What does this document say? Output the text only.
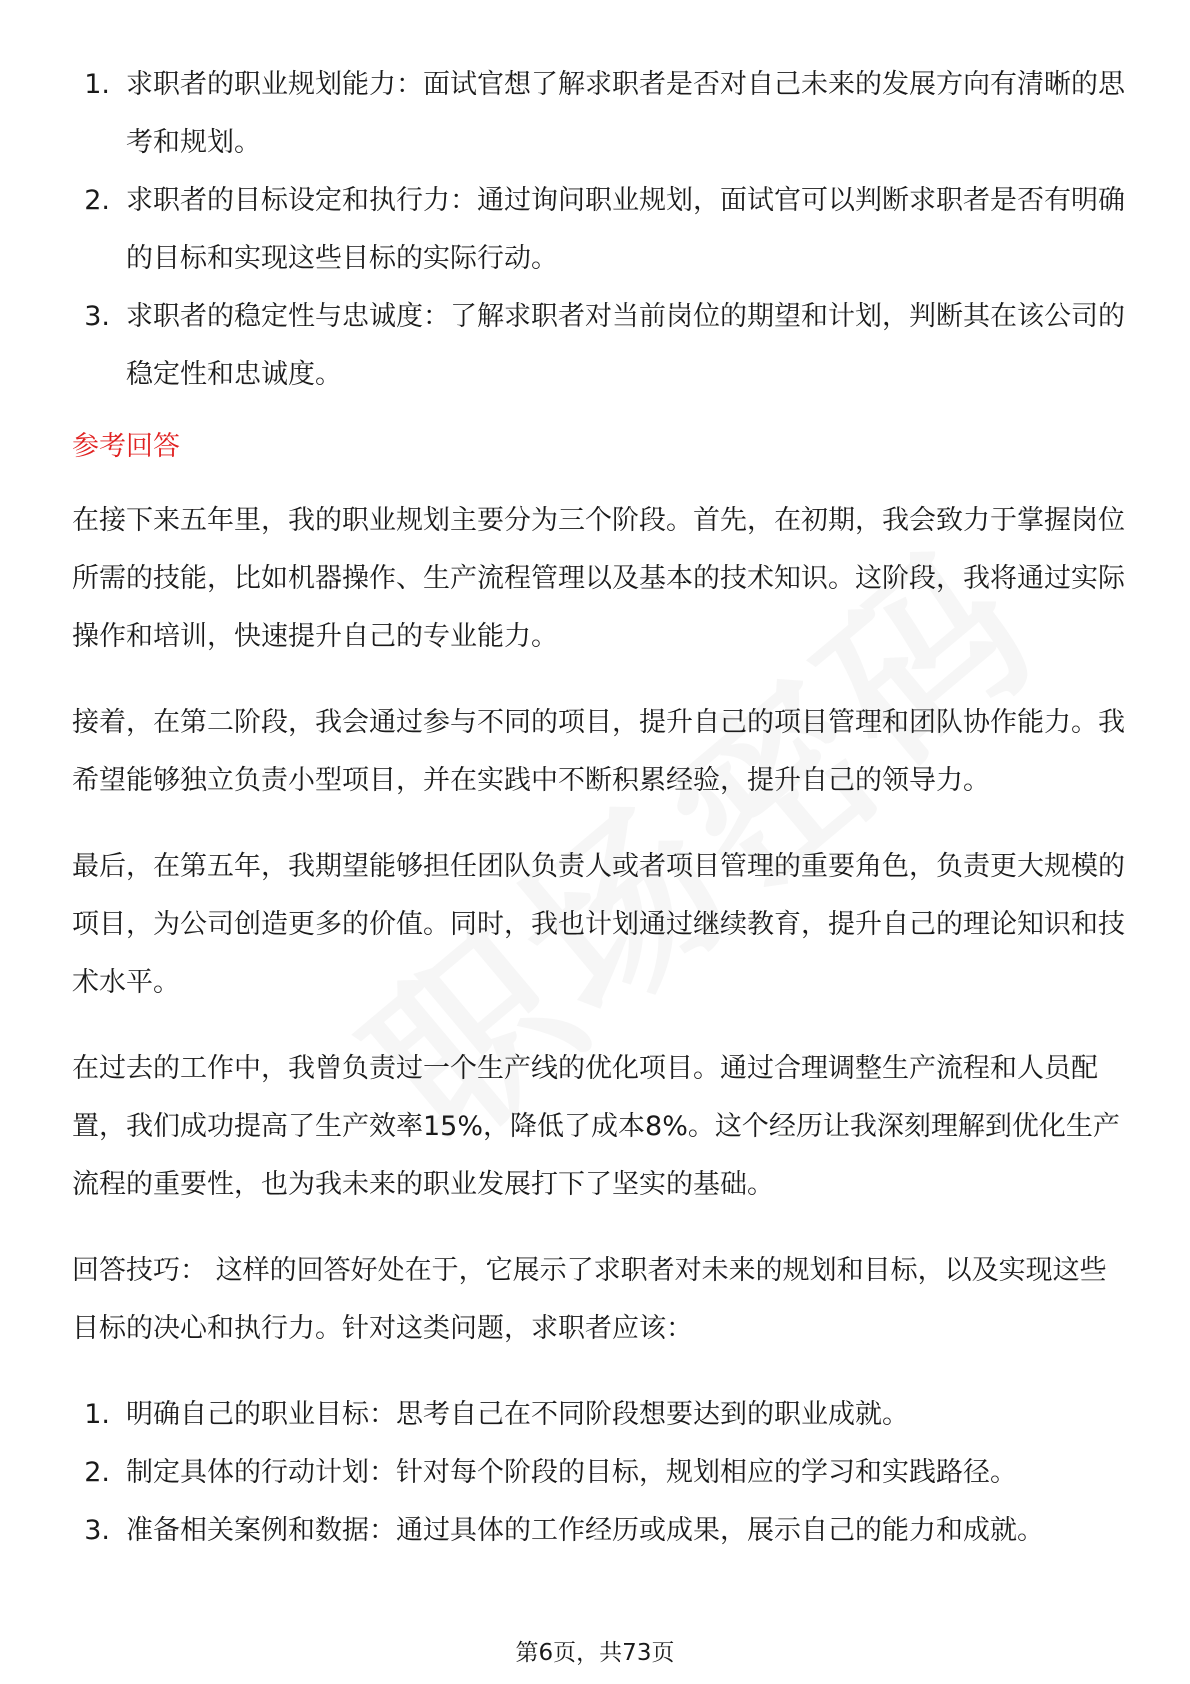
1. 求职者的职业规划能力：面试官想了解求职者是否对自己未来的发展方向有清晰的思考和规划。
2. 求职者的目标设定和执行力：通过询问职业规划，面试官可以判断求职者是否有明确的目标和实现这些目标的实际行动。
3. 求职者的稳定性与忠诚度：了解求职者对当前岗位的期望和计划，判断其在该公司的稳定性和忠诚度。
参考回答

在接下来五年里，我的职业规划主要分为三个阶段。首先，在初期，我会致力于掌握岗位所需的技能，比如机器操作、生产流程管理以及基本的技术知识。这阶段，我将通过实际操作和培训，快速提升自己的专业能力。

接着，在第二阶段，我会通过参与不同的项目，提升自己的项目管理和团队协作能力。我希望能够独立负责小型项目，并在实践中不断积累经验，提升自己的领导力。

最后，在第五年，我期望能够担任团队负责人或者项目管理的重要角色，负责更大规模的项目，为公司创造更多的价值。同时，我也计划通过继续教育，提升自己的理论知识和技术水平。

在过去的工作中，我曾负责过一个生产线的优化项目。通过合理调整生产流程和人员配置，我们成功提高了生产效率15%，降低了成本8%。这个经历让我深刻理解到优化生产流程的重要性，也为我未来的职业发展打下了坚实的基础。

回答技巧： 这样的回答好处在于，它展示了求职者对未来的规划和目标，以及实现这些目标的决心和执行力。针对这类问题，求职者应该：

1. 明确自己的职业目标：思考自己在不同阶段想要达到的职业成就。
2. 制定具体的行动计划：针对每个阶段的目标，规划相应的学习和实践路径。
3. 准备相关案例和数据：通过具体的工作经历或成果，展示自己的能力和成就。
第6页，共73页
